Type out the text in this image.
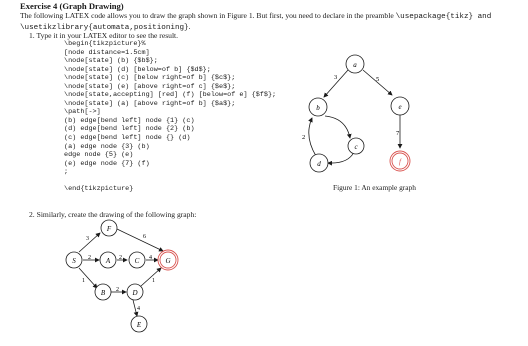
Exercise 4 (Graph Drawing)
The following LATEX code allows you to draw the graph shown in Figure 1. But first, you need to declare in the preamble \usepackage{tikz} and \usetikzlibrary{automata,positioning}.
1. Type it in your LATEX editor to see the result.
\begin{tikzpicture}%
[node distance=1.5cm]
\node[state] (b) {$b$};
\node[state] (d) [below=of b] {$d$};
\node[state] (c) [below right=of b] {$c$};
\node[state] (e) [above right=of c] {$e$};
\node[state,accepting] [red] (f) [below=of e] {$f$};
\node[state] (a) [above right=of b] {$a$};
\path[->]
(b) edge[bend left] node {1} (c)
(d) edge[bend left] node {2} (b)
(c) edge[bend left] node {} (d)
(a) edge node {3} (b)
edge node {5} (e)
(e) edge node {7} (f)
;

\end{tikzpicture}
a
b	e
c
d	f
3	5
7
2
Figure 1: An example graph
2. Similarly, create the drawing of the following graph:
F
S	A	C	G
B	D
E
2	2	4
2
3	6
1	1
4
